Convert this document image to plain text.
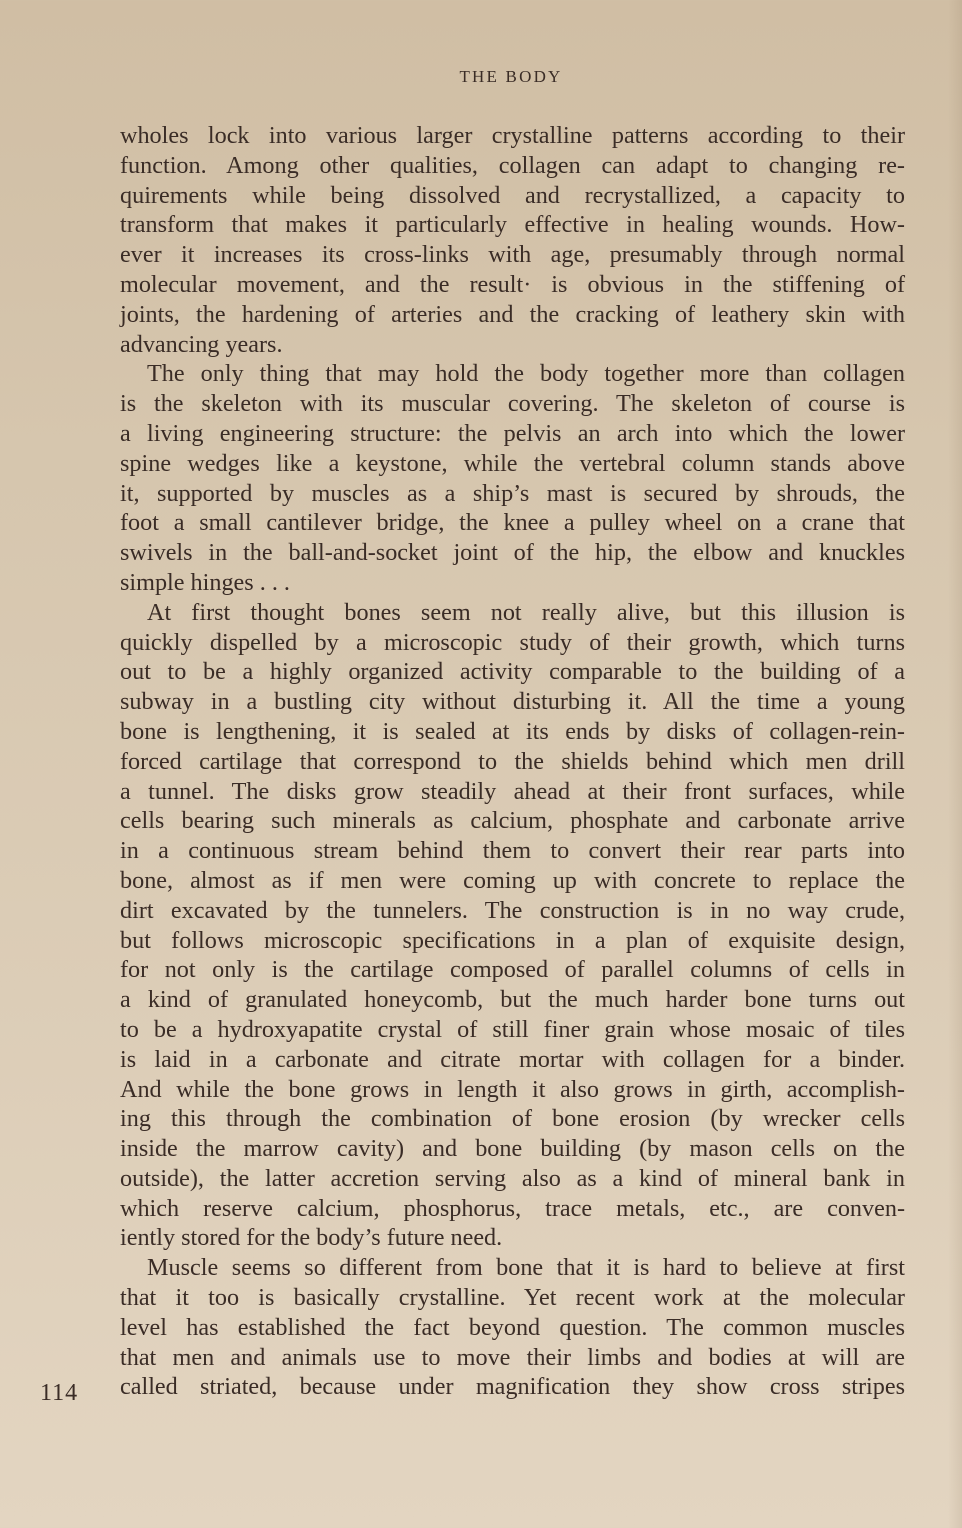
THE BODY
wholes lock into various larger crystalline patterns according to their
function. Among other qualities, collagen can adapt to changing re-
quirements while being dissolved and recrystallized, a capacity to
transform that makes it particularly effective in healing wounds. How-
ever it increases its cross-links with age, presumably through normal
molecular movement, and the result· is obvious in the stiffening of
joints, the hardening of arteries and the cracking of leathery skin with
advancing years.
The only thing that may hold the body together more than collagen
is the skeleton with its muscular covering. The skeleton of course is
a living engineering structure: the pelvis an arch into which the lower
spine wedges like a keystone, while the vertebral column stands above
it, supported by muscles as a ship’s mast is secured by shrouds, the
foot a small cantilever bridge, the knee a pulley wheel on a crane that
swivels in the ball-and-socket joint of the hip, the elbow and knuckles
simple hinges . . .
At first thought bones seem not really alive, but this illusion is
quickly dispelled by a microscopic study of their growth, which turns
out to be a highly organized activity comparable to the building of a
subway in a bustling city without disturbing it. All the time a young
bone is lengthening, it is sealed at its ends by disks of collagen-rein-
forced cartilage that correspond to the shields behind which men drill
a tunnel. The disks grow steadily ahead at their front surfaces, while
cells bearing such minerals as calcium, phosphate and carbonate arrive
in a continuous stream behind them to convert their rear parts into
bone, almost as if men were coming up with concrete to replace the
dirt excavated by the tunnelers. The construction is in no way crude,
but follows microscopic specifications in a plan of exquisite design,
for not only is the cartilage composed of parallel columns of cells in
a kind of granulated honeycomb, but the much harder bone turns out
to be a hydroxyapatite crystal of still finer grain whose mosaic of tiles
is laid in a carbonate and citrate mortar with collagen for a binder.
And while the bone grows in length it also grows in girth, accomplish-
ing this through the combination of bone erosion (by wrecker cells
inside the marrow cavity) and bone building (by mason cells on the
outside), the latter accretion serving also as a kind of mineral bank in
which reserve calcium, phosphorus, trace metals, etc., are conven-
iently stored for the body’s future need.
Muscle seems so different from bone that it is hard to believe at first
that it too is basically crystalline. Yet recent work at the molecular
level has established the fact beyond question. The common muscles
that men and animals use to move their limbs and bodies at will are
called striated, because under magnification they show cross stripes
114
